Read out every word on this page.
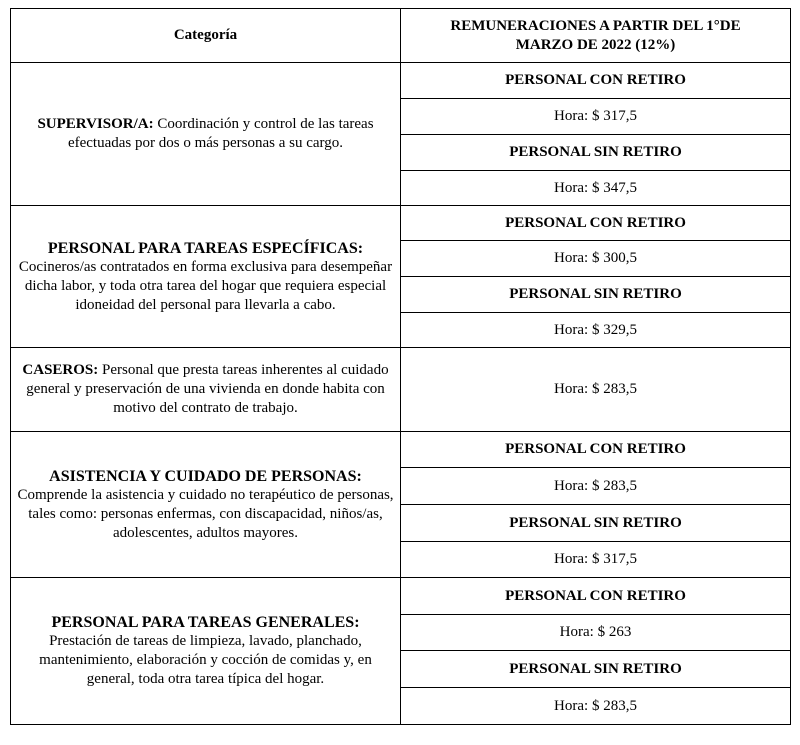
Categoría	REMUNERACIONES A PARTIR DEL 1°DE
MARZO DE 2022 (12%)
SUPERVISOR/A: Coordinación y control de las tareas efectuadas por dos o más personas a su cargo.	PERSONAL CON RETIRO
	Hora: $ 317,5
	PERSONAL SIN RETIRO
	Hora: $ 347,5

PERSONAL PARA TAREAS ESPECÍFICAS:
Cocineros/as contratados en forma exclusiva para desempeñar dicha labor, y toda otra tarea del hogar que requiera especial idoneidad del personal para llevarla a cabo.	PERSONAL CON RETIRO
	Hora: $ 300,5
	PERSONAL SIN RETIRO
	Hora: $ 329,5
CASEROS: Personal que presta tareas inherentes al cuidado general y preservación de una vivienda en donde habita con motivo del contrato de trabajo.	Hora: $ 283,5

ASISTENCIA Y CUIDADO DE PERSONAS:
Comprende la asistencia y cuidado no terapéutico de personas, tales como: personas enfermas, con discapacidad, niños/as, adolescentes, adultos mayores.	PERSONAL CON RETIRO
	Hora: $ 283,5
	PERSONAL SIN RETIRO
	Hora: $ 317,5

PERSONAL PARA TAREAS GENERALES:
Prestación de tareas de limpieza, lavado, planchado, mantenimiento, elaboración y cocción de comidas y, en general, toda otra tarea típica del hogar.	PERSONAL CON RETIRO
	Hora: $ 263
	PERSONAL SIN RETIRO
	Hora: $ 283,5
